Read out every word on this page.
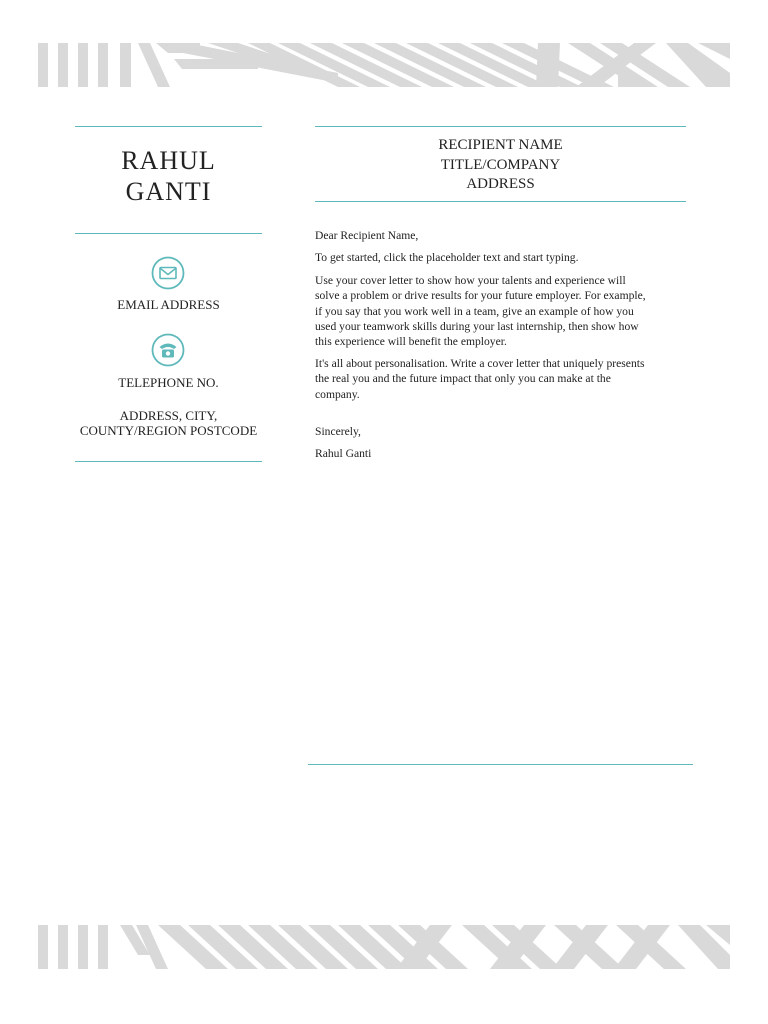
RAHUL
GANTI
EMAIL ADDRESS
TELEPHONE NO.
ADDRESS, CITY,
COUNTY/REGION POSTCODE
RECIPIENT NAME
TITLE/COMPANY
ADDRESS
Dear Recipient Name,
To get started, click the placeholder text and start typing.
Use your cover letter to show how your talents and experience will
solve a problem or drive results for your future employer. For example,
if you say that you work well in a team, give an example of how you
used your teamwork skills during your last internship, then show how
this experience will benefit the employer.
It's all about personalisation. Write a cover letter that uniquely presents
the real you and the future impact that only you can make at the
company.
Sincerely,
Rahul Ganti
